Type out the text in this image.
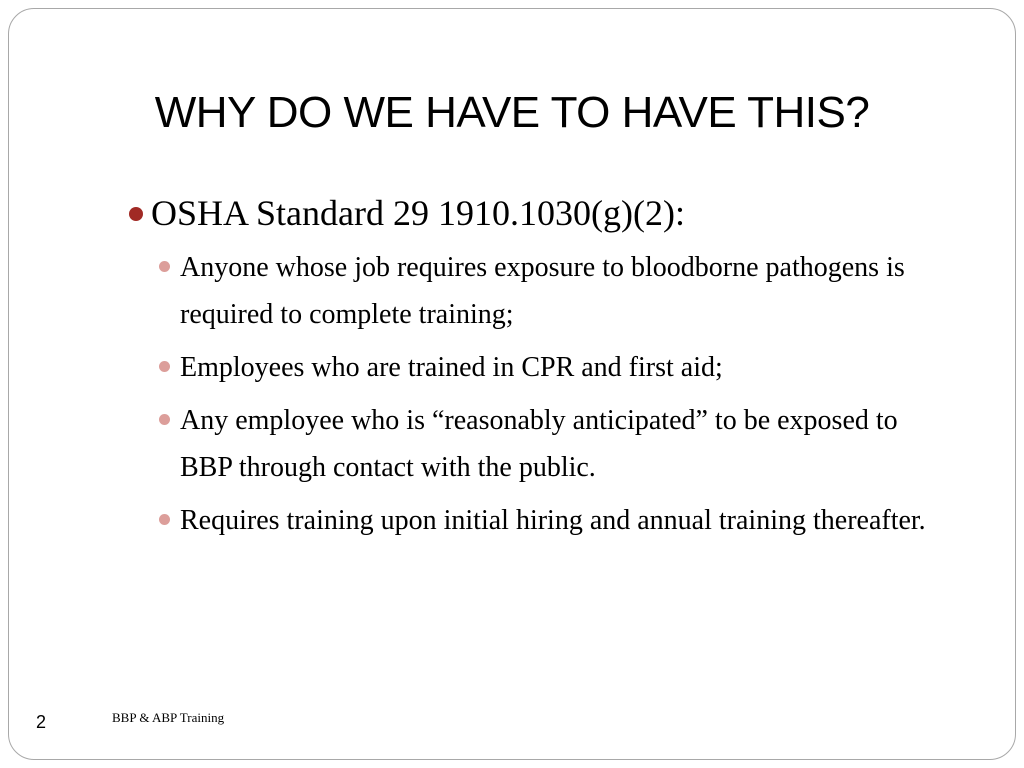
WHY DO WE HAVE TO HAVE THIS?
OSHA Standard 29 1910.1030(g)(2):
Anyone whose job requires exposure to bloodborne pathogens is required to complete training;
Employees who are trained in CPR and first aid;
Any employee who is “reasonably anticipated” to be exposed to BBP through contact with the public.
Requires training upon initial hiring and annual training thereafter.
2	BBP & ABP Training
